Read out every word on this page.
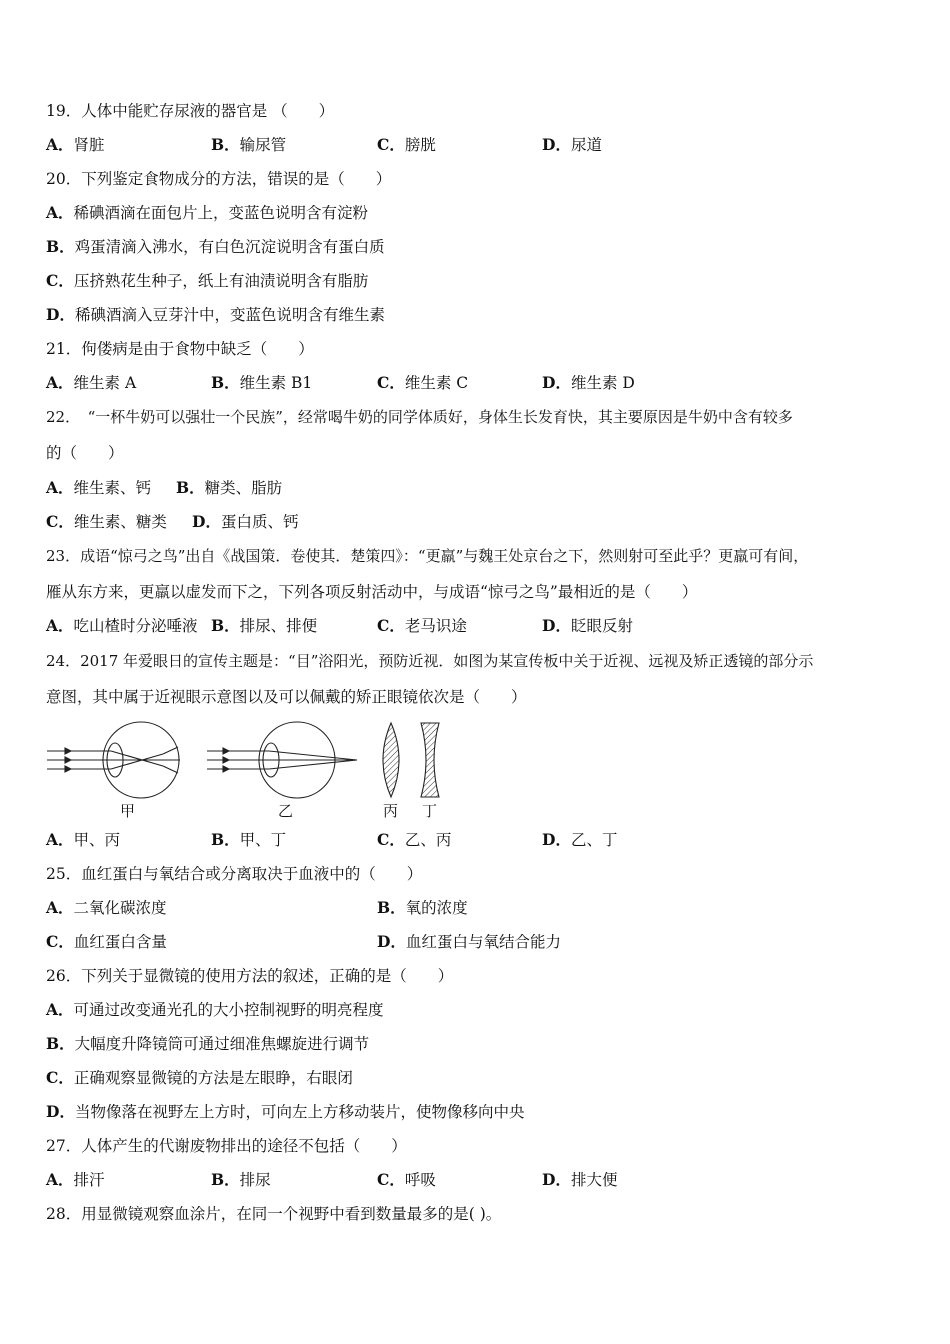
19．人体中能贮存尿液的器官是 （　　）
A．肾脏	B．输尿管	C．膀胱	D．尿道
20．下列鉴定食物成分的方法，错误的是（　　）
A．稀碘酒滴在面包片上，变蓝色说明含有淀粉
B．鸡蛋清滴入沸水，有白色沉淀说明含有蛋白质
C．压挤熟花生种子，纸上有油渍说明含有脂肪
D．稀碘酒滴入豆芽汁中，变蓝色说明含有维生素
21．佝偻病是由于食物中缺乏（　　）
A．维生素 A	B．维生素 B1	C．维生素 C	D．维生素 D
22．　“一杯牛奶可以强壮一个民族”，经常喝牛奶的同学体质好，身体生长发育快，其主要原因是牛奶中含有较多
的（　　）
A．维生素、钙 B．糖类、脂肪
C．维生素、糖类 D．蛋白质、钙
23．成语“惊弓之鸟”出自《战国策．卷使其．楚策四》：“更羸”与魏王处京台之下，然则射可至此乎？更羸可有间，
雁从东方来，更羸以虚发而下之，下列各项反射活动中，与成语“惊弓之鸟”最相近的是（　　）
A．吃山楂时分泌唾液 B．排尿、排便	C．老马识途	D．眨眼反射
24．2017 年爱眼日的宣传主题是：“目”浴阳光，预防近视．如图为某宣传板中关于近视、远视及矫正透镜的部分示
意图，其中属于近视眼示意图以及可以佩戴的矫正眼镜依次是（　　）
甲	乙	丙 丁
A．甲、丙	B．甲、丁	C．乙、丙	D．乙、丁
25．血红蛋白与氧结合或分离取决于血液中的（　　）
A．二氧化碳浓度	B．氧的浓度
C．血红蛋白含量	D．血红蛋白与氧结合能力
26．下列关于显微镜的使用方法的叙述，正确的是（　　）
A．可通过改变通光孔的大小控制视野的明亮程度
B．大幅度升降镜筒可通过细准焦螺旋进行调节
C．正确观察显微镜的方法是左眼睁，右眼闭
D．当物像落在视野左上方时，可向左上方移动装片，使物像移向中央
27．人体产生的代谢废物排出的途径不包括（　　）
A．排汗	B．排尿	C．呼吸	D．排大便
28．用显微镜观察血涂片，在同一个视野中看到数量最多的是( )。
